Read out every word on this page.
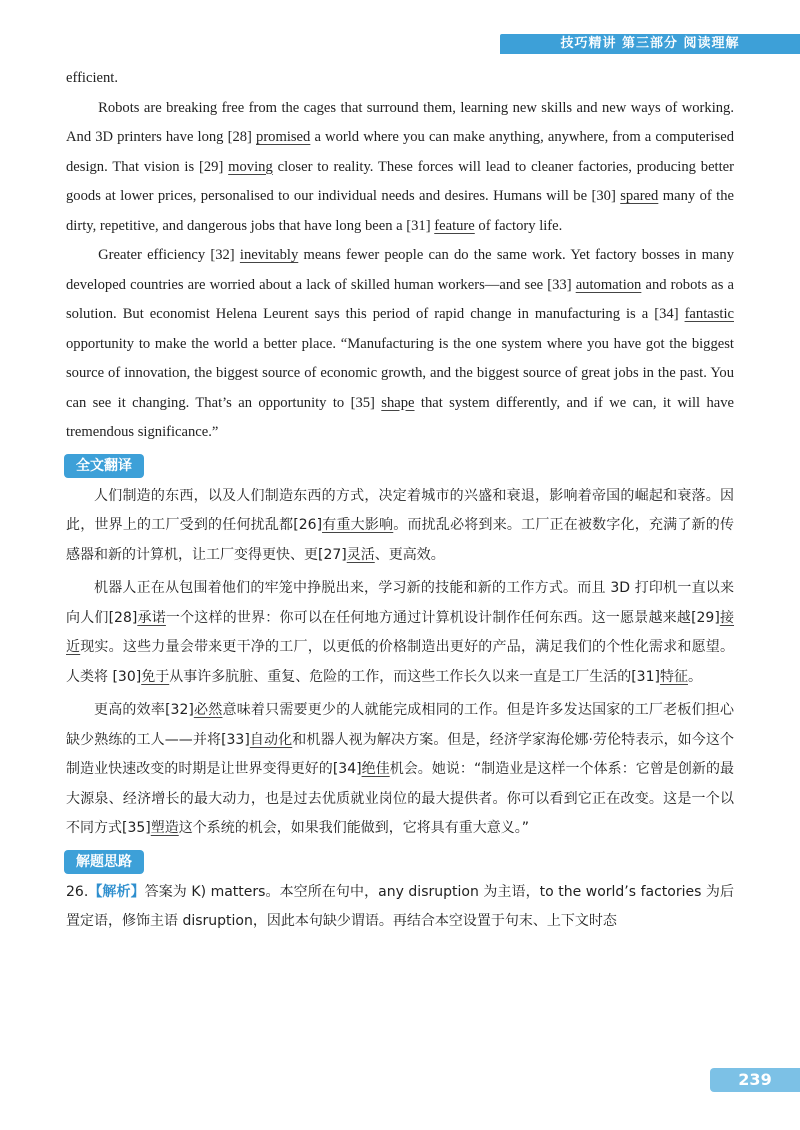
技巧精讲 第三部分 阅读理解

efficient.

Robots are breaking free from the cages that surround them, learning new skills and new ways of working. And 3D printers have long [28] promised a world where you can make anything, anywhere, from a computerised design. That vision is [29] moving closer to reality. These forces will lead to cleaner factories, producing better goods at lower prices, personalised to our individual needs and desires. Humans will be [30] spared many of the dirty, repetitive, and dangerous jobs that have long been a [31] feature of factory life.

Greater efficiency [32] inevitably means fewer people can do the same work. Yet factory bosses in many developed countries are worried about a lack of skilled human workers—and see [33] automation and robots as a solution. But economist Helena Leurent says this period of rapid change in manufacturing is a [34] fantastic opportunity to make the world a better place. “Manufacturing is the one system where you have got the biggest source of innovation, the biggest source of economic growth, and the biggest source of great jobs in the past. You can see it changing. That’s an opportunity to [35] shape that system differently, and if we can, it will have tremendous significance.”

全文翻译

人们制造的东西，以及人们制造东西的方式，决定着城市的兴盛和衰退，影响着帝国的崛起和衰落。因此，世界上的工厂受到的任何扰乱都[26]有重大影响。而扰乱必将到来。工厂正在被数字化，充满了新的传感器和新的计算机，让工厂变得更快、更[27]灵活、更高效。

机器人正在从包围着他们的牢笼中挣脱出来，学习新的技能和新的工作方式。而且 3D 打印机一直以来向人们[28]承诺一个这样的世界：你可以在任何地方通过计算机设计制作任何东西。这一愿景越来越[29]接近现实。这些力量会带来更干净的工厂，以更低的价格制造出更好的产品，满足我们的个性化需求和愿望。人类将 [30]免于从事许多肮脏、重复、危险的工作，而这些工作长久以来一直是工厂生活的[31]特征。

更高的效率[32]必然意味着只需要更少的人就能完成相同的工作。但是许多发达国家的工厂老板们担心缺少熟练的工人——并将[33]自动化和机器人视为解决方案。但是，经济学家海伦娜·劳伦特表示，如今这个制造业快速改变的时期是让世界变得更好的[34]绝佳机会。她说：“制造业是这样一个体系：它曾是创新的最大源泉、经济增长的最大动力，也是过去优质就业岗位的最大提供者。你可以看到它正在改变。这是一个以不同方式[35]塑造这个系统的机会，如果我们能做到，它将具有重大意义。”

解题思路

26.【解析】答案为 K) matters。本空所在句中，any disruption 为主语，to the world’s factories 为后置定语，修饰主语 disruption，因此本句缺少谓语。再结合本空设置于句末、上下文时态

239
